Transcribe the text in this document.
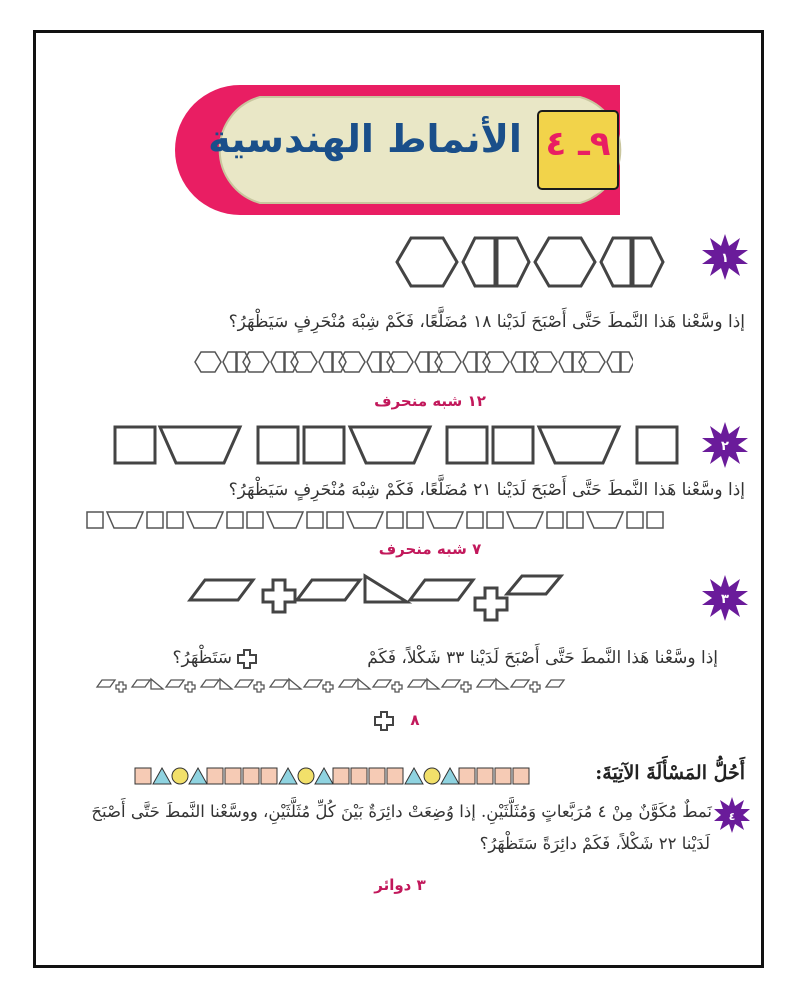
٩ـ ٤
الأنماط الهندسية
١
إذا وسَّعْنا هَذا النَّمطَ حَتَّى أَصْبَحَ لَدَيْنا ١٨ مُضَلَّعًا، فَكَمْ شِبْهَ مُنْحَرِفٍ سَيَظْهَرُ؟
١٢ شبه منحرف
٢
إذا وسَّعْنا هَذا النَّمطَ حَتَّى أَصْبَحَ لَدَيْنا ٢١ مُضَلَّعًا، فَكَمْ شِبْهَ مُنْحَرِفٍ سَيَظْهَرُ؟
٧ شبه منحرف
٣
إذا وسَّعْنا هَذا النَّمطَ حَتَّى أَصْبَحَ لَدَيْنا ٣٣ شَكْلاً، فَكَمْ
سَتَظْهَرُ؟
٨
أَحُلُّ المَسْأَلَةَ الآتِيَةَ:
٤
نَمطٌ مُكَوَّنٌ مِنْ ٤ مُرَبَّعاتٍ وَمُثَلَّثَيْنِ. إذا وُضِعَتْ دائِرَةٌ بَيْنَ كُلِّ مُثَلَّثَيْنِ، ووسَّعْنا النَّمطَ حَتَّى أَصْبَحَ
لَدَيْنا ٢٢ شَكْلاً، فَكَمْ دائِرَةً سَتَظْهَرُ؟
٣ دوائر
